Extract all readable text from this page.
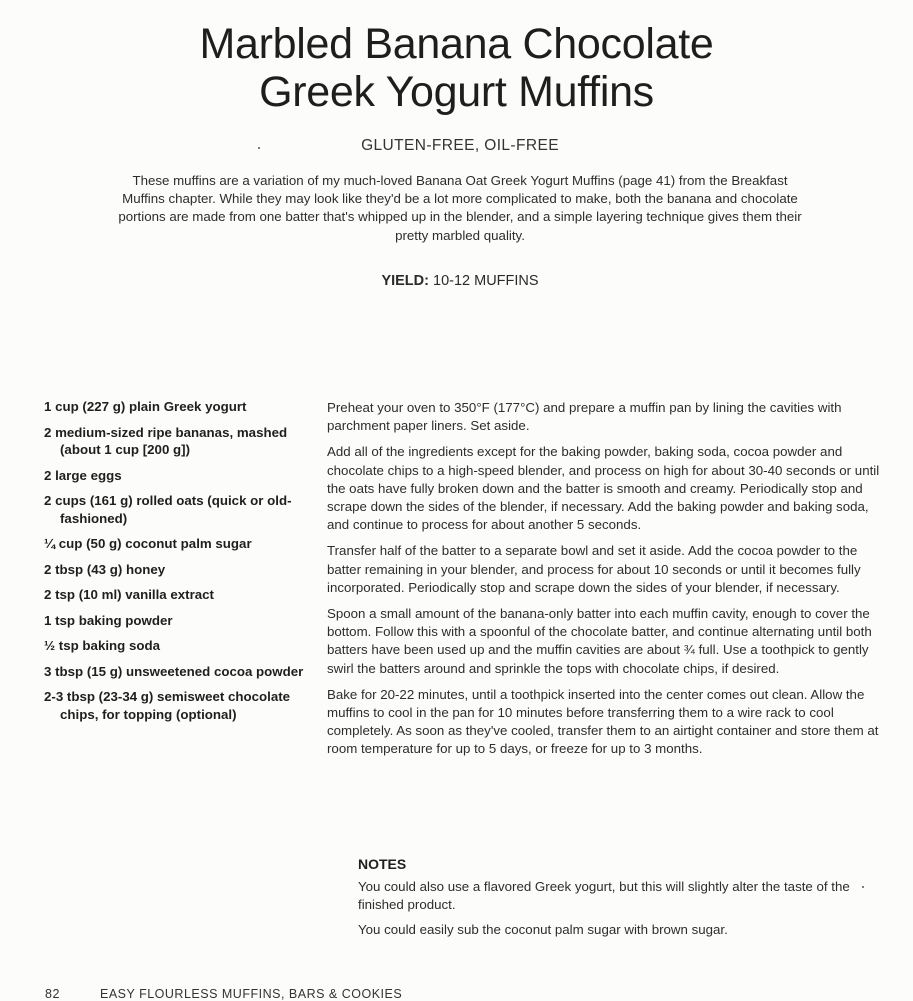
Marbled Banana Chocolate
Greek Yogurt Muffins
GLUTEN-FREE, OIL-FREE

These muffins are a variation of my much-loved Banana Oat Greek Yogurt Muffins (page 41) from the Breakfast Muffins chapter. While they may look like they'd be a lot more complicated to make, both the banana and chocolate portions are made from one batter that's whipped up in the blender, and a simple layering technique gives them their pretty marbled quality.

YIELD: 10-12 MUFFINS
1 cup (227 g) plain Greek yogurt
2 medium-sized ripe bananas, mashed (about 1 cup [200 g])
2 large eggs
2 cups (161 g) rolled oats (quick or old-fashioned)
¼ cup (50 g) coconut palm sugar
2 tbsp (43 g) honey
2 tsp (10 ml) vanilla extract
1 tsp baking powder
½ tsp baking soda
3 tbsp (15 g) unsweetened cocoa powder
2-3 tbsp (23-34 g) semisweet chocolate chips, for topping (optional)

Preheat your oven to 350°F (177°C) and prepare a muffin pan by lining the cavities with parchment paper liners. Set aside.

Add all of the ingredients except for the baking powder, baking soda, cocoa powder and chocolate chips to a high-speed blender, and process on high for about 30-40 seconds or until the oats have fully broken down and the batter is smooth and creamy. Periodically stop and scrape down the sides of the blender, if necessary. Add the baking powder and baking soda, and continue to process for about another 5 seconds.

Transfer half of the batter to a separate bowl and set it aside. Add the cocoa powder to the batter remaining in your blender, and process for about 10 seconds or until it becomes fully incorporated. Periodically stop and scrape down the sides of your blender, if necessary.

Spoon a small amount of the banana-only batter into each muffin cavity, enough to cover the bottom. Follow this with a spoonful of the chocolate batter, and continue alternating until both batters have been used up and the muffin cavities are about ¾ full. Use a toothpick to gently swirl the batters around and sprinkle the tops with chocolate chips, if desired.

Bake for 20-22 minutes, until a toothpick inserted into the center comes out clean. Allow the muffins to cool in the pan for 10 minutes before transferring them to a wire rack to cool completely. As soon as they've cooled, transfer them to an airtight container and store them at room temperature for up to 5 days, or freeze for up to 3 months.

NOTES

You could also use a flavored Greek yogurt, but this will slightly alter the taste of the finished product.

You could easily sub the coconut palm sugar with brown sugar.

82	EASY FLOURLESS MUFFINS, BARS & COOKIES
